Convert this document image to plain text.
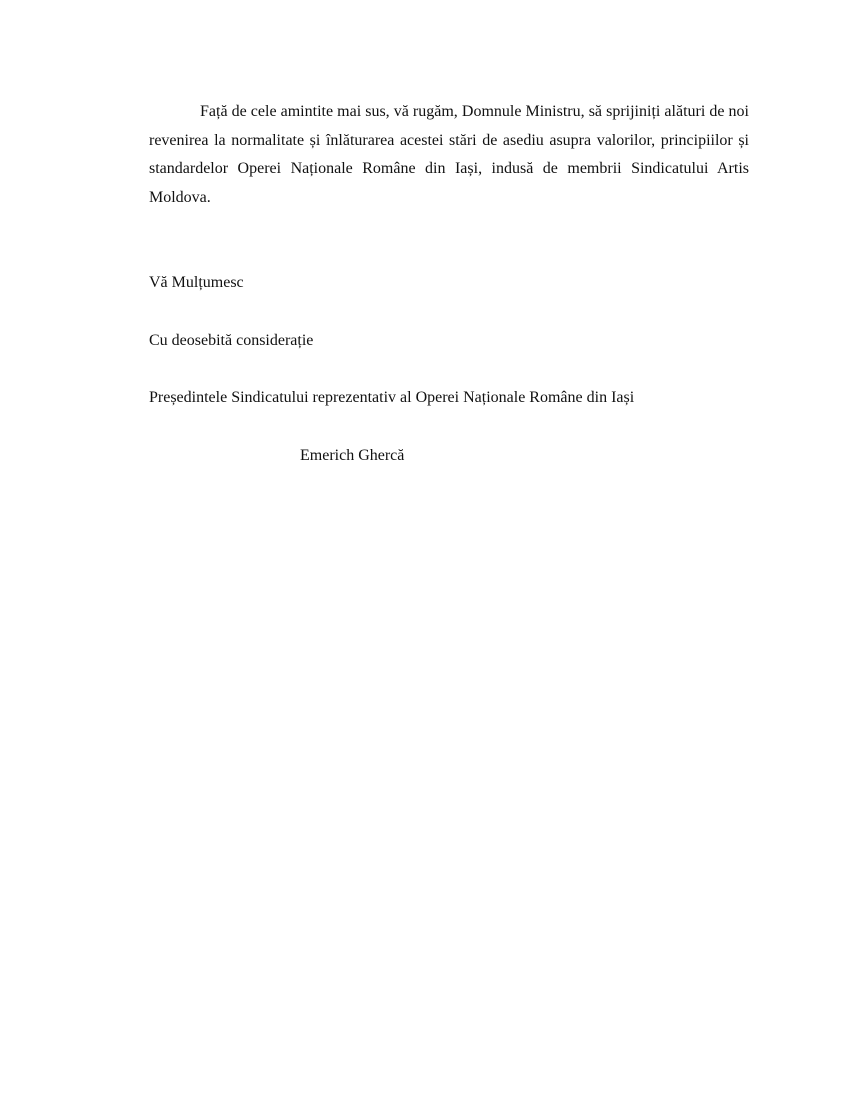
Față de cele amintite mai sus, vă rugăm, Domnule Ministru, să sprijiniți alături de noi revenirea la normalitate și înlăturarea acestei stări de asediu asupra valorilor, principiilor și standardelor Operei Naționale Române din Iași, indusă de membrii Sindicatului Artis Moldova.

Vă Mulțumesc

Cu deosebită considerație

Președintele Sindicatului reprezentativ al Operei Naționale Române din Iași

Emerich Ghercă
